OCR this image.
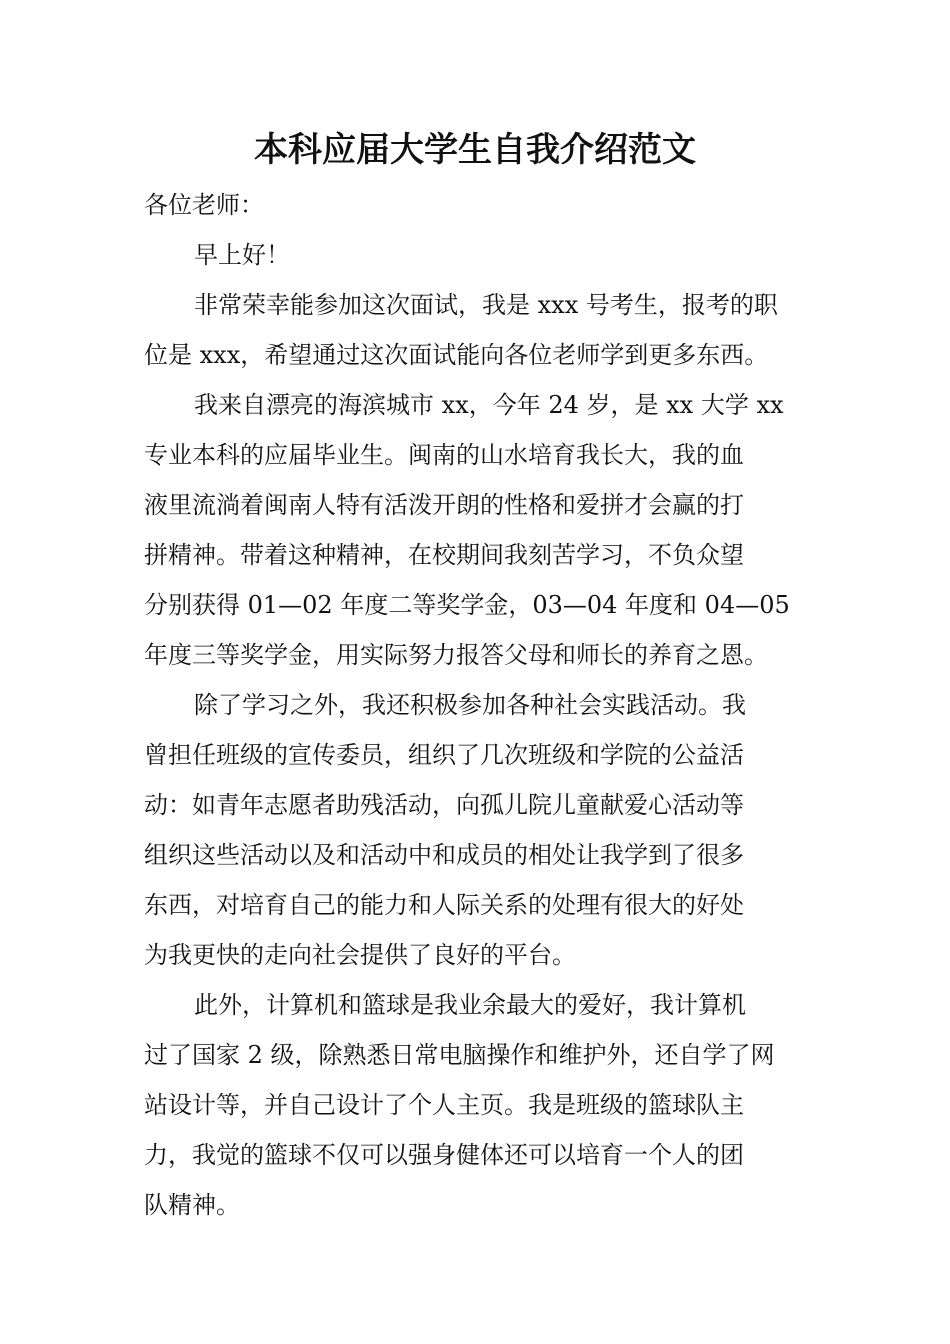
本科应届大学生自我介绍范文
各位老师：
早上好！
非常荣幸能参加这次面试，我是 xxx 号考生，报考的职
位是 xxx，希望通过这次面试能向各位老师学到更多东西。
我来自漂亮的海滨城市 xx，今年 24 岁，是 xx 大学 xx
专业本科的应届毕业生。闽南的山水培育我长大，我的血
液里流淌着闽南人特有活泼开朗的性格和爱拼才会赢的打
拼精神。带着这种精神，在校期间我刻苦学习，不负众望
分别获得 01—02 年度二等奖学金，03—04 年度和 04—05
年度三等奖学金，用实际努力报答父母和师长的养育之恩。
除了学习之外，我还积极参加各种社会实践活动。我
曾担任班级的宣传委员，组织了几次班级和学院的公益活
动：如青年志愿者助残活动，向孤儿院儿童献爱心活动等
组织这些活动以及和活动中和成员的相处让我学到了很多
东西，对培育自己的能力和人际关系的处理有很大的好处
为我更快的走向社会提供了良好的平台。
此外，计算机和篮球是我业余最大的爱好，我计算机
过了国家 2 级，除熟悉日常电脑操作和维护外，还自学了网
站设计等，并自己设计了个人主页。我是班级的篮球队主
力，我觉的篮球不仅可以强身健体还可以培育一个人的团
队精神。
